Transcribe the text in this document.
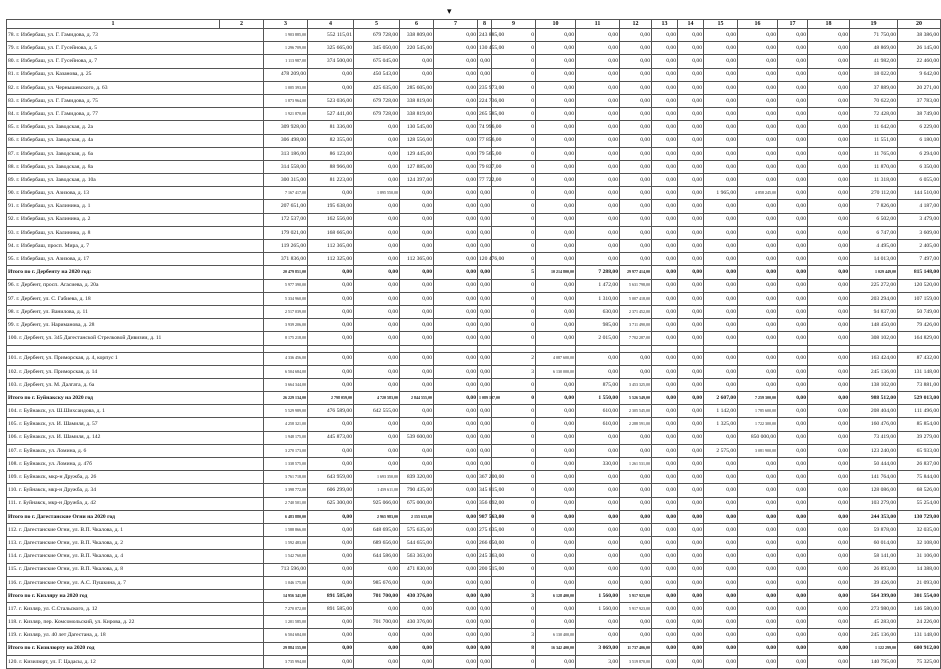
▾
1	2	3	4	5	6	7	8	9	10	11	12	13	14	15	16	17	18	19	20
78. г. Избербаш, ул. Г. Гамидова, д. 73		1 903 885,00	552 115,01	679 728,00	338 809,00	0,00	243 885,00	0	0,00	0,00	0,00	0,00	0,00	0,00	0,00	0,00	0,00	71 750,00	38 386,00
79. г. Избербаш, ул. Г. Гусейнова, д. 5		1 296 709,00	325 665,00	345 050,00	220 545,00	0,00	130 455,00	0	0,00	0,00	0,00	0,00	0,00	0,00	0,00	0,00	0,00	48 869,00	26 145,00
80. г. Избербаш, ул. Г. Гусейнова, д. 7		1 113 987,00	374 500,00	675 045,00	0,00	0,00	0,00	0	0,00	0,00	0,00	0,00	0,00	0,00	0,00	0,00	0,00	41 982,00	22 460,00
81. г. Избербаш, ул. Казанова, д. 25		478 209,00	0,00	450 543,00	0,00	0,00	0,00	0	0,00	0,00	0,00	0,00	0,00	0,00	0,00	0,00	0,00	18 022,00	9 642,00
82. г. Избербаш, ул. Чернышевского, д. 63		1 005 393,00	0,00	425 635,00	285 605,00	0,00	235 973,00	0	0,00	0,00	0,00	0,00	0,00	0,00	0,00	0,00	0,00	37 889,00	20 271,00
83. г. Избербаш, ул. Г. Гамидова, д. 75		1 873 964,00	523 036,00	679 728,00	338 819,00	0,00	224 736,00	0	0,00	0,00	0,00	0,00	0,00	0,00	0,00	0,00	0,00	70 622,00	37 783,00
84. г. Избербаш, ул. Г. Гамидова, д. 77		1 921 870,00	527 441,00	679 728,00	338 819,00	0,00	265 585,00	0	0,00	0,00	0,00	0,00	0,00	0,00	0,00	0,00	0,00	72 428,00	38 749,00
85. г. Избербаш, ул. Заводская, д. 2а		309 928,00	81 336,00	0,00	130 545,00	0,00	74 996,00	0	0,00	0,00	0,00	0,00	0,00	0,00	0,00	0,00	0,00	11 642,00	6 229,00
86. г. Избербаш, ул. Заводская, д. 4а		306 498,00	82 355,00	0,00	128 556,00	0,00	77 856,00	0	0,00	0,00	0,00	0,00	0,00	0,00	0,00	0,00	0,00	11 551,00	6 180,00
87. г. Избербаш, ул. Заводская, д. 6а		313 186,00	86 123,00	0,00	129 445,00	0,00	79 565,00	0	0,00	0,00	0,00	0,00	0,00	0,00	0,00	0,00	0,00	11 765,00	6 294,00
88. г. Избербаш, ул. Заводская, д. 8а		314 558,00	88 966,00	0,00	127 885,00	0,00	79 837,00	0	0,00	0,00	0,00	0,00	0,00	0,00	0,00	0,00	0,00	11 870,00	6 350,00
89. г. Избербаш, ул. Заводская, д. 10а		300 315,00	81 223,00	0,00	124 397,00	0,00	77 722,00	0	0,00	0,00	0,00	0,00	0,00	0,00	0,00	0,00	0,00	11 318,00	6 055,00
90. г. Избербаш, ул. Азизова, д. 13		7 167 417,00	0,00	1 895 550,00	0,00	0,00	0,00	0	0,00	0,00	0,00	0,00	0,00	1 965,00	4 858 245,00	0,00	0,00	270 112,00	144 510,00
91. г. Избербаш, ул. Калинина, д. 1		207 651,00	195 638,00	0,00	0,00	0,00	0,00	0	0,00	0,00	0,00	0,00	0,00	0,00	0,00	0,00	0,00	7 826,00	4 187,00
92. г. Избербаш, ул. Калинина, д. 2		172 537,00	162 556,00	0,00	0,00	0,00	0,00	0	0,00	0,00	0,00	0,00	0,00	0,00	0,00	0,00	0,00	6 502,00	3 479,00
93. г. Избербаш, ул. Калинина, д. 8		179 021,00	168 665,00	0,00	0,00	0,00	0,00	0	0,00	0,00	0,00	0,00	0,00	0,00	0,00	0,00	0,00	6 747,00	3 609,00
94. г. Избербаш, просп. Мира, д. 7		119 265,00	112 365,00	0,00	0,00	0,00	0,00	0	0,00	0,00	0,00	0,00	0,00	0,00	0,00	0,00	0,00	4 495,00	2 405,00
95. г. Избербаш, ул. Азизова, д. 17		371 836,00	112 325,00	0,00	112 365,00	0,00	120 476,00	0	0,00	0,00	0,00	0,00	0,00	0,00	0,00	0,00	0,00	14 013,00	7 497,00
Итого по г. Дербенту на 2020 год:		20 479 851,00	0,00	0,00	0,00	0,00	0,00	5	10 214 800,00	7 288,00	29 977 414,00	0,00	0,00	0,00	0,00	0,00	0,00	1 029 449,00	815 148,00
96. г. Дербент, просп. Агасиева, д. 20а		5 977 390,00	0,00	0,00	0,00	0,00	0,00	0	0,00	1 472,00	5 631 798,00	0,00	0,00	0,00	0,00	0,00	0,00	225 272,00	120 520,00
97. г. Дербент, ул. С. Габиева, д. 18		5 334 960,00	0,00	0,00	0,00	0,00	0,00	0	0,00	1 310,00	5 007 418,00	0,00	0,00	0,00	0,00	0,00	0,00	203 294,00	107 159,00
98. г. Дербент, ул. Ванилова, д. 11		2 517 039,00	0,00	0,00	0,00	0,00	0,00	0	0,00	630,00	2 371 452,00	0,00	0,00	0,00	0,00	0,00	0,00	94 837,00	50 749,00
99. г. Дербент, ул. Наримановa, д. 28		3 939 206,00	0,00	0,00	0,00	0,00	0,00	0	0,00	985,00	3 711 490,00	0,00	0,00	0,00	0,00	0,00	0,00	148 450,00	79 426,00
100. г. Дербент, ул. 345 Дагестанской Стрелковой Дивизии, д. 11		8 175 218,00	0,00	0,00	0,00	0,00	0,00	0	0,00	2 015,00	7 702 287,00	0,00	0,00	0,00	0,00	0,00	0,00	308 102,00	164 829,00

101. г. Дербент, ул. Приморская, д. 4, корпус 1		4 336 456,00	0,00	0,00	0,00	0,00	0,00	2	4 087 600,00	0,00	0,00	0,00	0,00	0,00	0,00	0,00	0,00	163 424,00	87 432,00
102. г. Дербент, ул. Приморская, д. 14		6 504 684,00	0,00	0,00	0,00	0,00	0,00	3	6 130 000,00	0,00	0,00	0,00	0,00	0,00	0,00	0,00	0,00	245 136,00	131 148,00
103. г. Дербент, ул. М. Далгата, д. 6а		3 664 344,00	0,00	0,00	0,00	0,00	0,00	0	0,00	875,00	3 453 325,00	0,00	0,00	0,00	0,00	0,00	0,00	138 102,00	73 881,00
Итого по г. Буйнакску на 2020 год		26 229 134,00	2 798 059,00	4 720 583,00	2 844 555,00	0,00	1 089 107,00	0	0,00	1 550,00	5 526 549,00	0,00	0,00	2 607,00	7 259 300,00	0,00	0,00	988 512,00	529 013,00
104. г. Буйнакск, ул. Ш.Шихсаидова, д. 1		5 529 989,00	476 589,00	642 555,00	0,00	0,00	0,00	0	0,00	610,00	2 305 545,00	0,00	0,00	1 142,00	1 785 600,00	0,00	0,00	208 404,00	111 496,00
105. г. Буйнакск, ул. И. Шамиля, д. 57		4 258 321,00	0,00	0,00	0,00	0,00	0,00	0	0,00	610,00	2 288 591,00	0,00	0,00	1 325,00	1 722 300,00	0,00	0,00	160 476,00	85 854,00
106. г. Буйнакск, ул. И. Шамиля, д. 142		1 948 175,00	445 873,00	0,00	539 600,00	0,00	0,00	0	0,00	0,00	0,00	0,00	0,00	0,00	850 000,00	0,00	0,00	73 419,00	39 279,00
107. г. Буйнакск, ул. Ломина, д. 6		3 270 173,00	0,00	0,00	0,00	0,00	0,00	0	0,00	0,00	0,00	0,00	0,00	2 575,00	3 081 900,00	0,00	0,00	123 240,00	65 933,00
108. г. Буйнакск, ул. Ломина, д. 47б		1 338 575,00	0,00	0,00	0,00	0,00	0,00	0	0,00	330,00	1 261 531,00	0,00	0,00	0,00	0,00	0,00	0,00	50 444,00	26 837,00
109. г. Буйнакск, мкр-н Дружба, д. 26		3 761 718,00	643 959,00	1 693 350,00	839 320,00	0,00	367 200,00	0	0,00	0,00	0,00	0,00	0,00	0,00	0,00	0,00	0,00	141 764,00	75 844,00
110. г. Буйнакск, мкр-н Дружба, д. 34		3 398 772,00	606 299,00	1 459 611,00	790 435,00	0,00	345 815,00	0	0,00	0,00	0,00	0,00	0,00	0,00	0,00	0,00	0,00	128 086,00	68 526,00
111. г. Буйнакск, мкр-н Дружба, д. 42		2 740 501,00	625 300,00	925 066,00	675 000,00	0,00	356 092,00	0	0,00	0,00	0,00	0,00	0,00	0,00	0,00	0,00	0,00	103 279,00	55 254,00
Итого по г. Дагестанские Огни на 2020 год		6 483 880,00	0,00	2 965 983,00	2 155 633,00	0,00	987 563,00	0	0,00	0,00	0,00	0,00	0,00	0,00	0,00	0,00	0,00	244 353,00	130 729,00
112. г. Дагестанские Огни, ул. В.П. Чкалова, д. 1		1 588 866,00	0,00	648 695,00	575 635,00	0,00	275 635,00	0	0,00	0,00	0,00	0,00	0,00	0,00	0,00	0,00	0,00	59 878,00	32 035,00
113. г. Дагестанские Огни, ул. В.П. Чкалова, д. 2		1 592 483,00	0,00	689 656,00	544 655,00	0,00	266 050,00	0	0,00	0,00	0,00	0,00	0,00	0,00	0,00	0,00	0,00	60 014,00	32 108,00
114. г. Дагестанские Огни, ул. В.П. Чкалова, д. 4		1 542 760,00	0,00	644 586,00	563 363,00	0,00	245 363,00	0	0,00	0,00	0,00	0,00	0,00	0,00	0,00	0,00	0,00	58 141,00	31 106,00
115. г. Дагестанские Огни, ул. В.П. Чкалова, д. 8		713 596,00	0,00	0,00	471 830,00	0,00	200 515,00	0	0,00	0,00	0,00	0,00	0,00	0,00	0,00	0,00	0,00	26 893,00	14 388,00
116. г. Дагестанские Огни, ул. А.С. Пушкина, д. 7		1 046 175,00	0,00	985 676,00	0,00	0,00	0,00	0	0,00	0,00	0,00	0,00	0,00	0,00	0,00	0,00	0,00	39 426,00	21 093,00
Итого по г. Кизляру на 2020 год		14 956 341,00	891 585,00	701 700,00	430 376,00	0,00	0,00	3	6 128 400,00	1 560,00	5 917 923,00	0,00	0,00	0,00	0,00	0,00	0,00	564 399,00	301 554,00
117. г. Кизляр, ул. С.Стальского, д. 12		7 270 072,00	891 585,00	0,00	0,00	0,00	0,00	0	0,00	1 560,00	5 917 923,00	0,00	0,00	0,00	0,00	0,00	0,00	273 980,00	146 580,00
118. г. Кизляр, пер. Комсомольский, ул. Кирова, д. 22		1 201 585,00	0,00	701 700,00	430 376,00	0,00	0,00	0	0,00	0,00	0,00	0,00	0,00	0,00	0,00	0,00	0,00	45 283,00	24 226,00
119. г. Кизляр, ул. 40 лет Дагестана, д. 18		6 504 684,00	0,00	0,00	0,00	0,00	0,00	3	6 130 400,00	0,00	0,00	0,00	0,00	0,00	0,00	0,00	0,00	245 136,00	131 148,00
Итого по г. Кизилюрту на 2020 год		29 884 155,00	0,00	0,00	0,00	0,00	0,00	8	16 342 400,00	3 069,00	11 737 406,00	0,00	0,00	0,00	0,00	0,00	0,00	1 122 299,00	600 912,00
120. г. Кизилюрт, ул. Г. Цадасы, д. 12		3 735 994,00	0,00	0,00	0,00	0,00	0,00	0	0,00	3,00	3 519 870,00	0,00	0,00	0,00	0,00	0,00	0,00	140 795,00	75 325,00
